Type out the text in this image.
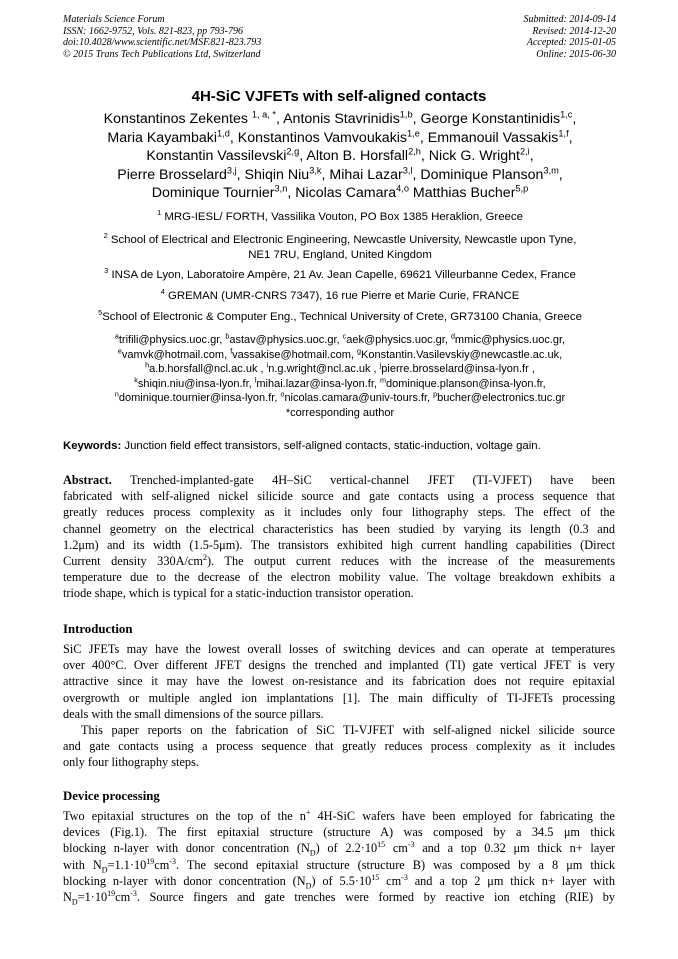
Materials Science Forum
ISSN: 1662-9752, Vols. 821-823, pp 793-796
doi:10.4028/www.scientific.net/MSF.821-823.793
© 2015 Trans Tech Publications Ltd, Switzerland
Submitted: 2014-09-14
Revised: 2014-12-20
Accepted: 2015-01-05
Online: 2015-06-30
4H-SiC VJFETs with self-aligned contacts
Konstantinos Zekentes $^{1, a, *}$, Antonis Stavrinidis$^{1,b}$, George Konstantinidis$^{1,c}$,
Maria Kayambaki$^{1,d}$, Konstantinos Vamvoukakis$^{1,e}$, Emmanouil Vassakis$^{1,f}$,
Konstantin Vassilevski$^{2,g}$, Alton B. Horsfall$^{2,h}$, Nick G. Wright$^{2,i}$,
Pierre Brosselard$^{3,j}$, Shiqin Niu$^{3,k}$, Mihai Lazar$^{3,l}$, Dominique Planson$^{3,m}$,
Dominique Tournier$^{3,n}$, Nicolas Camara$^{4,o}$ Matthias Bucher$^{5,p}$
$^1$ MRG-IESL/ FORTH, Vassilika Vouton, PO Box 1385 Heraklion, Greece
$^2$ School of Electrical and Electronic Engineering, Newcastle University, Newcastle upon Tyne,
NE1 7RU, England, United Kingdom
$^3$ INSA de Lyon, Laboratoire Ampère, 21 Av. Jean Capelle, 69621 Villeurbanne Cedex, France
$^4$ GREMAN (UMR-CNRS 7347), 16 rue Pierre et Marie Curie, FRANCE
$^5$School of Electronic & Computer Eng., Technical University of Crete, GR73100 Chania, Greece
$^a$trifili@physics.uoc.gr, $^b$astav@physics.uoc.gr, $^c$aek@physics.uoc.gr, $^d$mmic@physics.uoc.gr,
$^e$vamvk@hotmail.com, $^f$vassakise@hotmail.com, $^g$Konstantin.Vasilevskiy@newcastle.ac.uk,
$^h$a.b.horsfall@ncl.ac.uk , $^i$n.g.wright@ncl.ac.uk , $^j$pierre.brosselard@insa-lyon.fr ,
$^k$shiqin.niu@insa-lyon.fr, $^l$mihai.lazar@insa-lyon.fr, $^m$dominique.planson@insa-lyon.fr,
$^n$dominique.tournier@insa-lyon.fr, $^o$nicolas.camara@univ-tours.fr, $^p$bucher@electronics.tuc.gr
*corresponding author
Keywords: Junction field effect transistors, self-aligned contacts, static-induction, voltage gain.
Abstract. Trenched-implanted-gate 4H–SiC vertical-channel JFET (TI-VJFET) have been
fabricated with self-aligned nickel silicide source and gate contacts using a process sequence that
greatly reduces process complexity as it includes only four lithography steps. The effect of the
channel geometry on the electrical characteristics has been studied by varying its length (0.3 and
1.2μm) and its width (1.5-5μm). The transistors exhibited high current handling capabilities (Direct
Current density $330A/cm^2$). The output current reduces with the increase of the measurements
temperature due to the decrease of the electron mobility value. The voltage breakdown exhibits a
triode shape, which is typical for a static-induction transistor operation.
Introduction
SiC JFETs may have the lowest overall losses of switching devices and can operate at temperatures
over 400°C. Over different JFET designs the trenched and implanted (TI) gate vertical JFET is very
attractive since it may have the lowest on-resistance and its fabrication does not require epitaxial
overgrowth or multiple angled ion implantations [1]. The main difficulty of TI-JFETs processing
deals with the small dimensions of the source pillars.
This paper reports on the fabrication of SiC TI-VJFET with self-aligned nickel silicide source
and gate contacts using a process sequence that greatly reduces process complexity as it includes
only four lithography steps.
Device processing
Two epitaxial structures on the top of the n+ 4H-SiC wafers have been employed for fabricating the
devices (Fig.1). The first epitaxial structure (structure A) was composed by a 34.5 μm thick
blocking n-layer with donor concentration $(N_D)$ of $2.2\cdot 10^{15}$ $cm^{-3}$ and a top 0.32 μm thick n+ layer
with $N_D=1.1\cdot 10^{19}cm^{-3}$. The second epitaxial structure (structure B) was composed by a 8 μm thick
blocking n-layer with donor concentration $(N_D)$ of $5.5\cdot 10^{15}$ $cm^{-3}$ and a top 2 μm thick n+ layer with
$N_D=1\cdot 10^{19}cm^{-3}$. Source fingers and gate trenches were formed by reactive ion etching (RIE) by
